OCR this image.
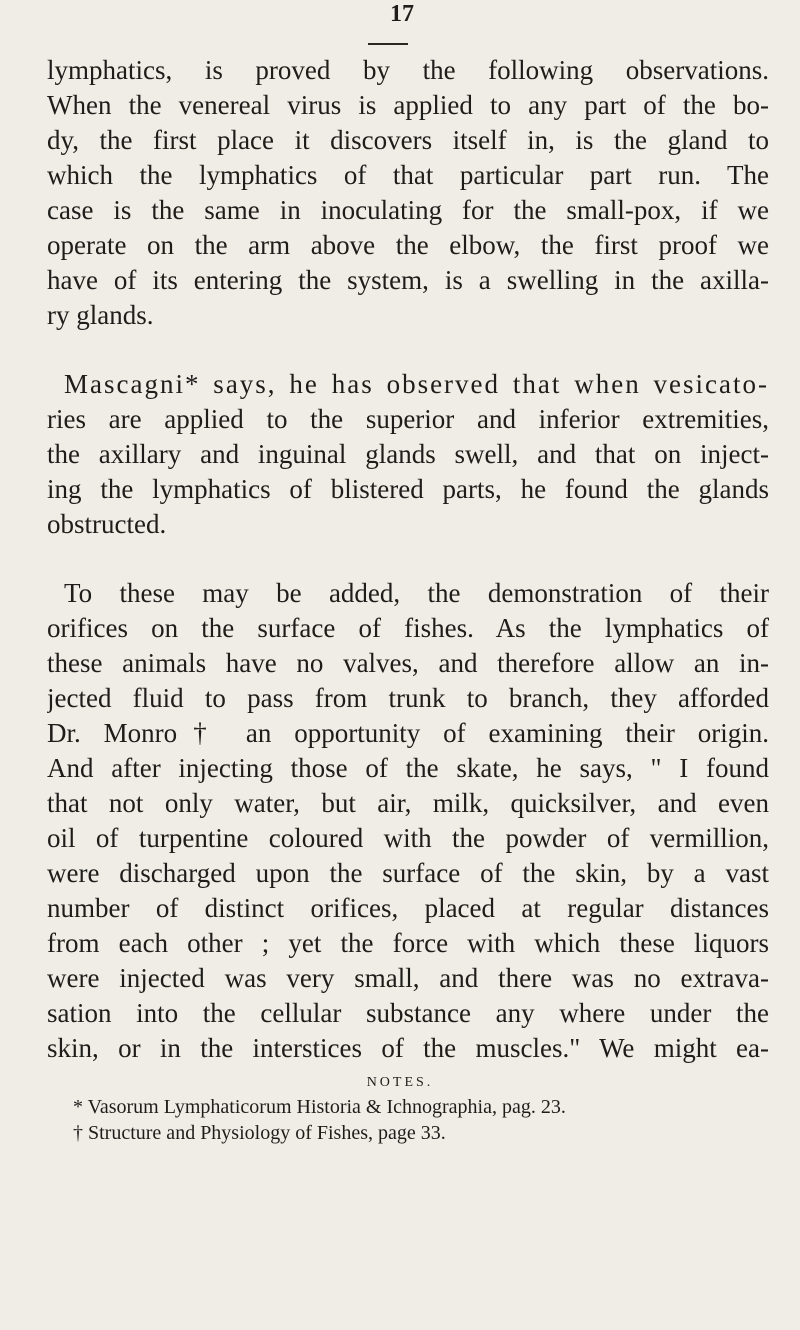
17
lymphatics, is proved by the following observations.
When the venereal virus is applied to any part of the bo-
dy, the first place it discovers itself in, is the gland to
which the lymphatics of that particular part run. The
case is the same in inoculating for the small-pox, if we
operate on the arm above the elbow, the first proof we
have of its entering the system, is a swelling in the axilla-
ry glands.
Mascagni* says, he has observed that when vesicato-
ries are applied to the superior and inferior extremities,
the axillary and inguinal glands swell, and that on inject-
ing the lymphatics of blistered parts, he found the glands
obstructed.
To these may be added, the demonstration of their
orifices on the surface of fishes. As the lymphatics of
these animals have no valves, and therefore allow an in-
jected fluid to pass from trunk to branch, they afforded
Dr. Monro† an opportunity of examining their origin.
And after injecting those of the skate, he says, " I found
that not only water, but air, milk, quicksilver, and even
oil of turpentine coloured with the powder of vermillion,
were discharged upon the surface of the skin, by a vast
number of distinct orifices, placed at regular distances
from each other ; yet the force with which these liquors
were injected was very small, and there was no extrava-
sation into the cellular substance any where under the
skin, or in the interstices of the muscles." We might ea-
NOTES.
* Vasorum Lymphaticorum Historia & Ichnographia, pag. 23.
† Structure and Physiology of Fishes, page 33.
